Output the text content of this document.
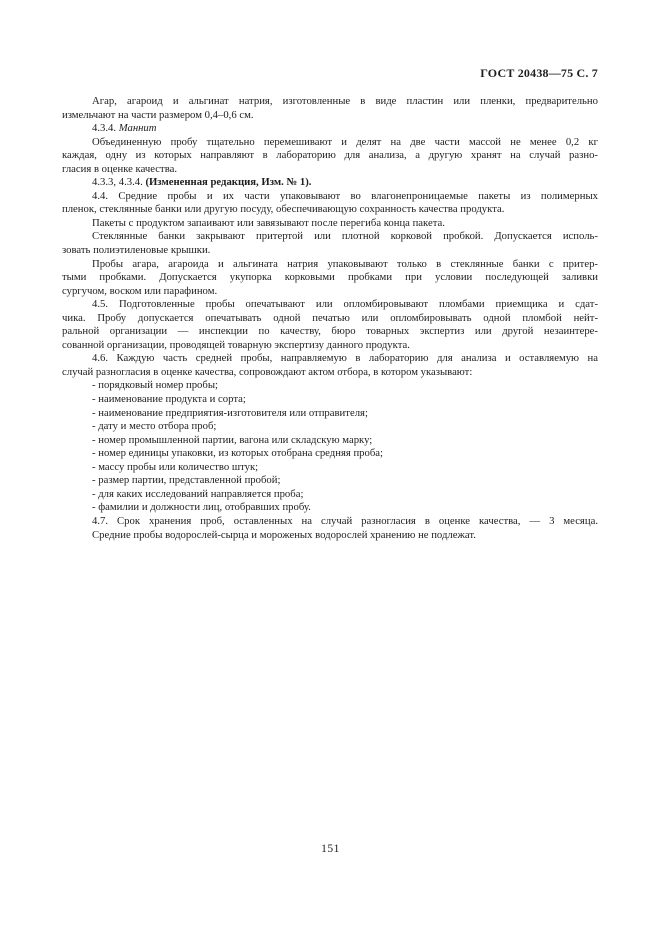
ГОСТ 20438—75 С. 7
Агар, агароид и альгинат натрия, изготовленные в виде пластин или пленки, предварительно
измельчают на части размером 0,4–0,6 см.
4.3.4. Маннит
Объединенную пробу тщательно перемешивают и делят на две части массой не менее 0,2 кг
каждая, одну из которых направляют в лабораторию для анализа, а другую хранят на случай разно-
гласия в оценке качества.
4.3.3, 4.3.4. (Измененная редакция, Изм. № 1).
4.4. Средние пробы и их части упаковывают во влагонепроницаемые пакеты из полимерных
пленок, стеклянные банки или другую посуду, обеспечивающую сохранность качества продукта.
Пакеты с продуктом запаивают или завязывают после перегиба конца пакета.
Стеклянные банки закрывают притертой или плотной корковой пробкой. Допускается исполь-
зовать полиэтиленовые крышки.
Пробы агара, агароида и альгината натрия упаковывают только в стеклянные банки с притер-
тыми пробками. Допускается укупорка корковыми пробками при условии последующей заливки
сургучом, воском или парафином.
4.5. Подготовленные пробы опечатывают или опломбировывают пломбами приемщика и сдат-
чика. Пробу допускается опечатывать одной печатью или опломбировывать одной пломбой нейт-
ральной организации — инспекции по качеству, бюро товарных экспертиз или другой незаинтере-
сованной организации, проводящей товарную экспертизу данного продукта.
4.6. Каждую часть средней пробы, направляемую в лабораторию для анализа и оставляемую на
случай разногласия в оценке качества, сопровождают актом отбора, в котором указывают:
- порядковый номер пробы;
- наименование продукта и сорта;
- наименование предприятия-изготовителя или отправителя;
- дату и место отбора проб;
- номер промышленной партии, вагона или складскую марку;
- номер единицы упаковки, из которых отобрана средняя проба;
- массу пробы или количество штук;
- размер партии, представленной пробой;
- для каких исследований направляется проба;
- фамилии и должности лиц, отобравших пробу.
4.7. Срок хранения проб, оставленных на случай разногласия в оценке качества, — 3 месяца.
Средние пробы водорослей-сырца и мороженых водорослей хранению не подлежат.
151
